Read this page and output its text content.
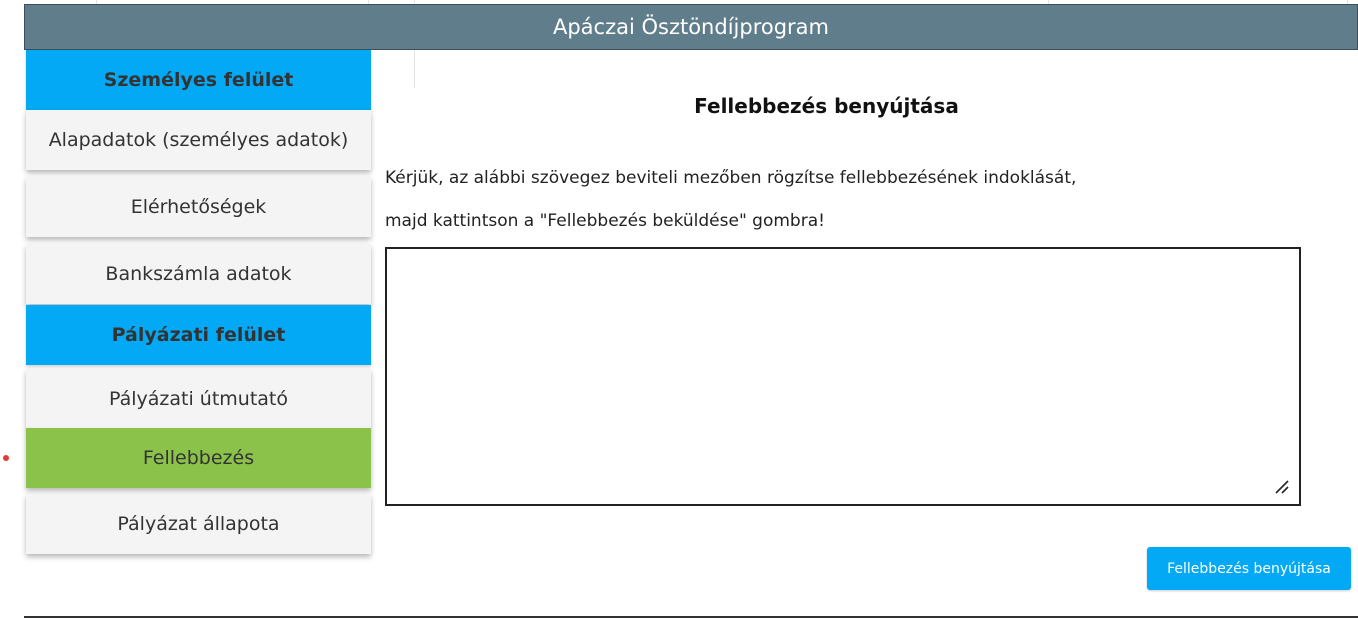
Apáczai Ösztöndíjprogram
Személyes felület
Alapadatok (személyes adatok)
Elérhetőségek
Bankszámla adatok
Pályázati felület
Pályázati útmutató
Fellebbezés
Pályázat állapota
Fellebbezés benyújtása
Kérjük, az alábbi szövegez beviteli mezőben rögzítse fellebbezésének indoklását,
majd kattintson a "Fellebbezés beküldése" gombra!
Fellebbezés benyújtása
